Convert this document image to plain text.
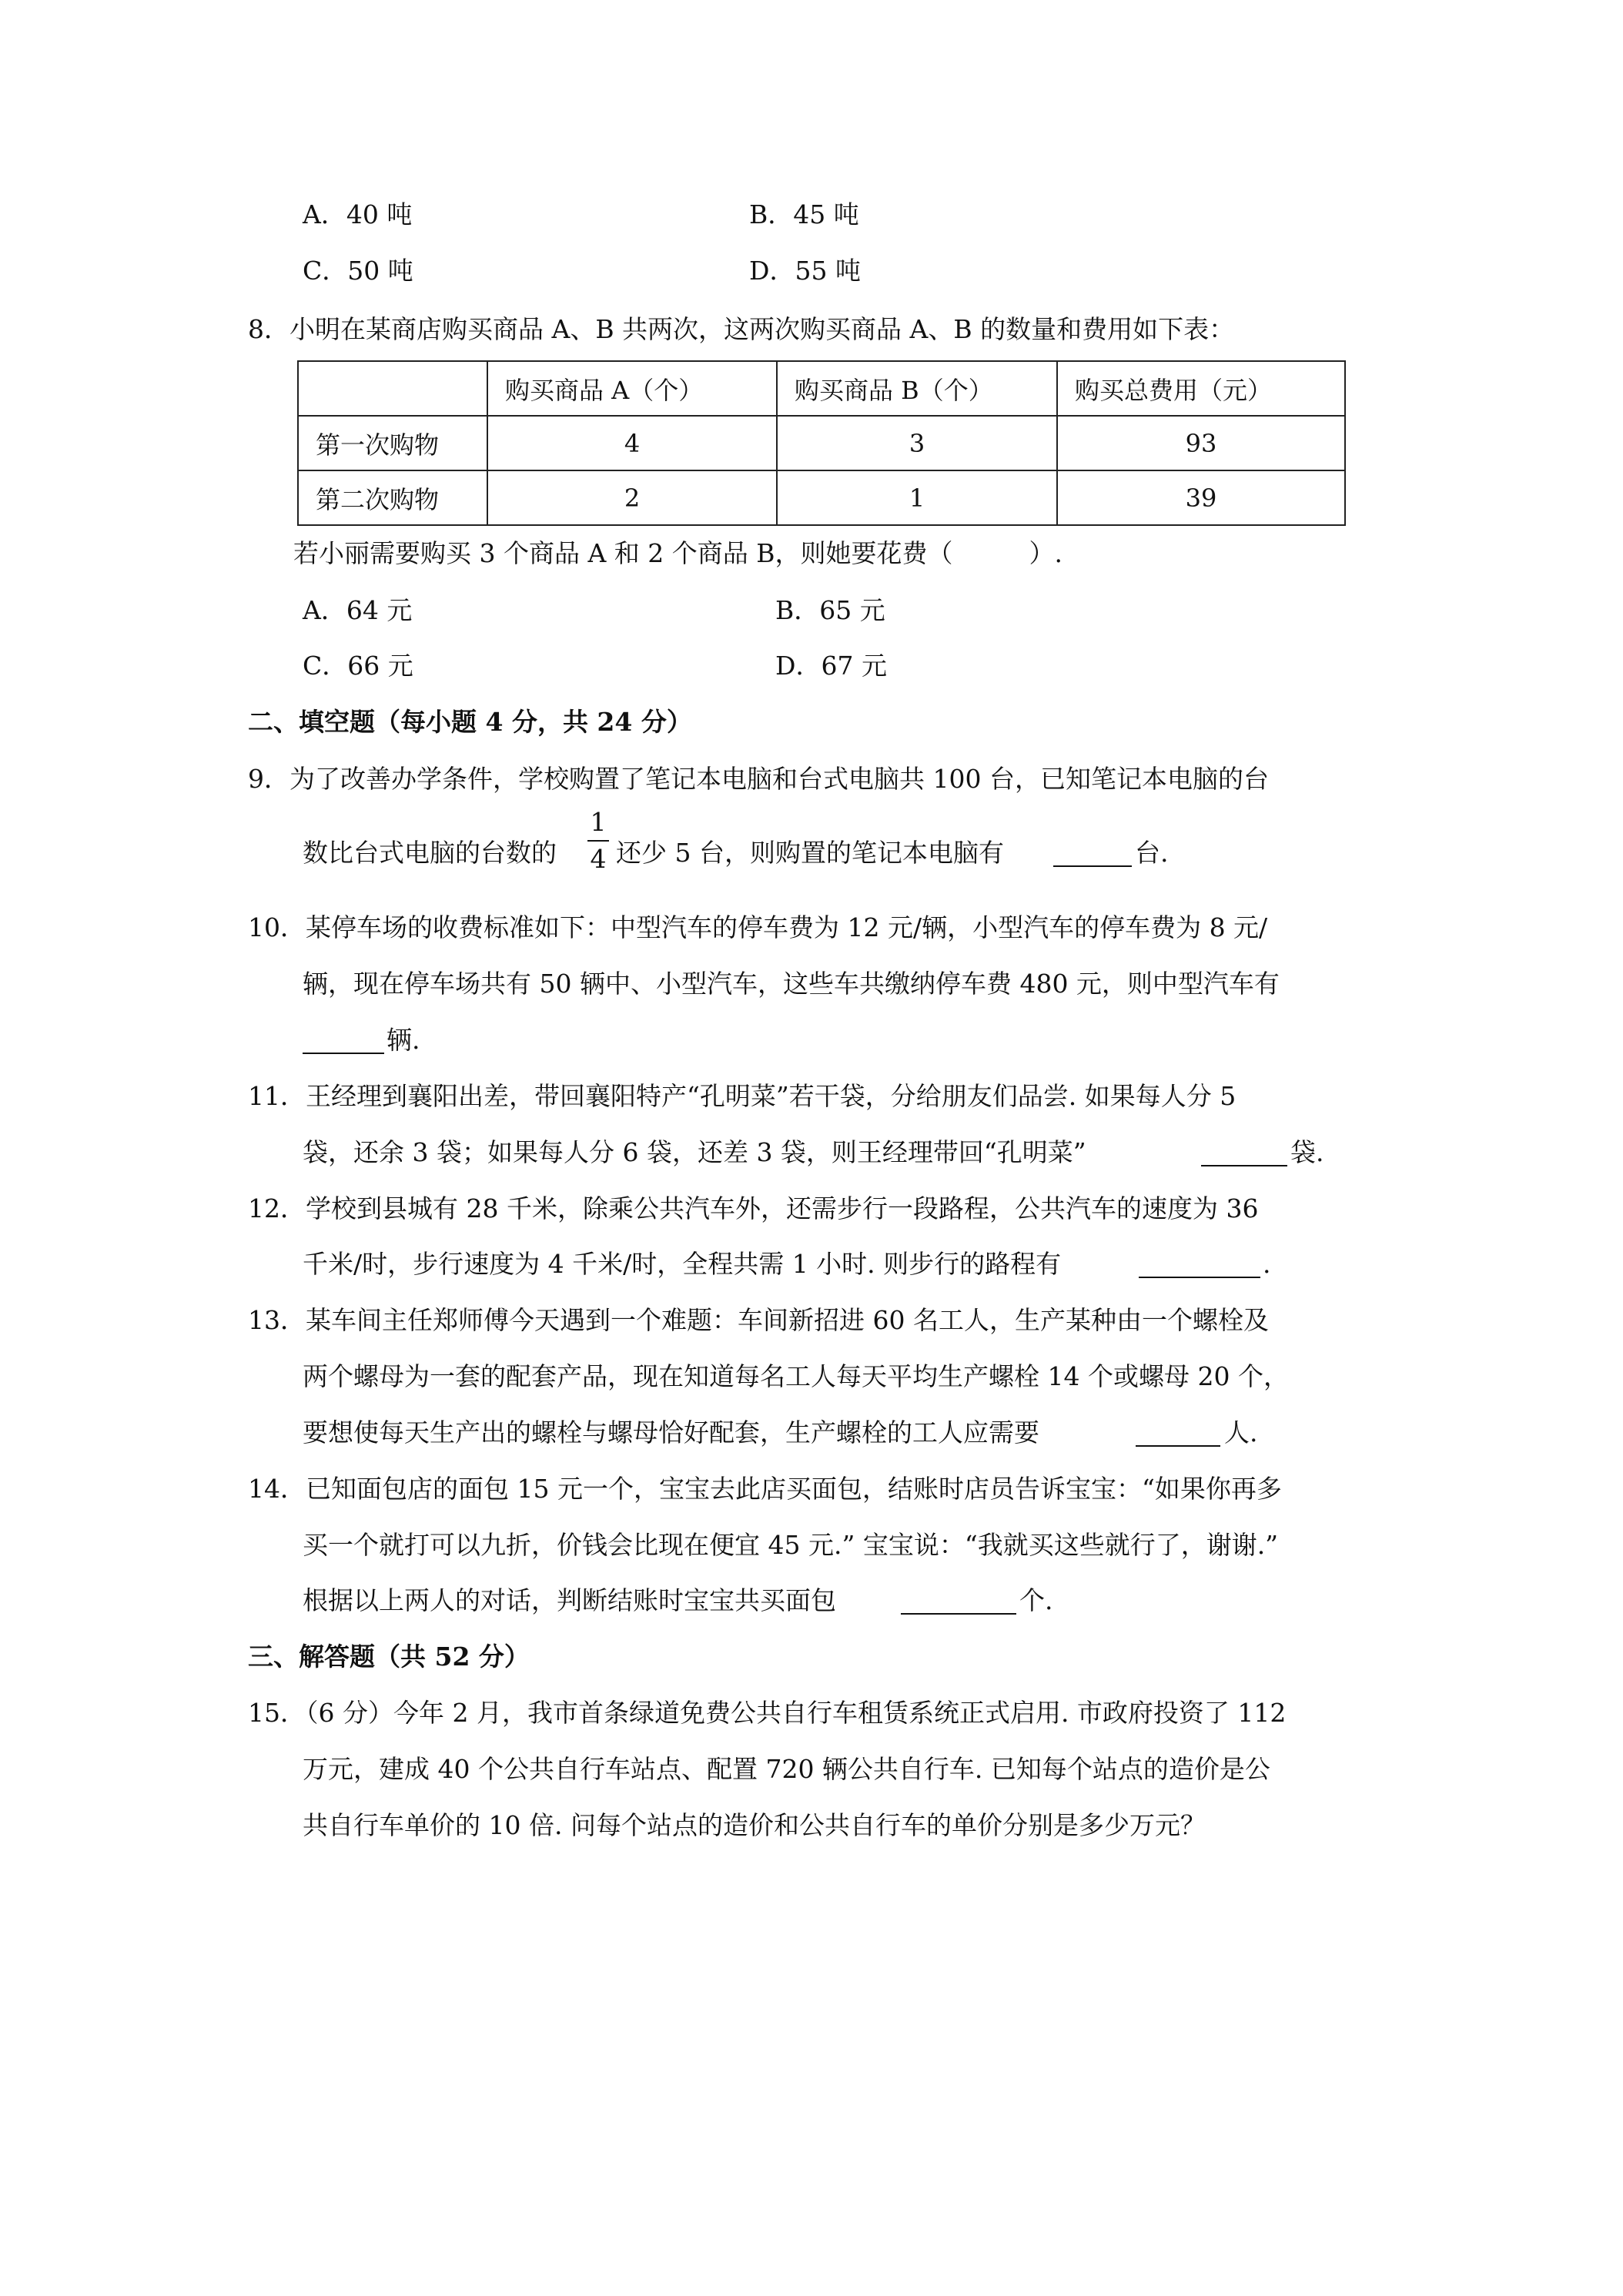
A．40 吨	B．45 吨
C．50 吨	D．55 吨
8．小明在某商店购买商品 A、B 共两次，这两次购买商品 A、B 的数量和费用如下表：
	购买商品 A（个）	购买商品 B（个）	购买总费用（元）
第一次购物	4	3	93
第二次购物	2	1	39
若小丽需要购买 3 个商品 A 和 2 个商品 B，则她要花费（　　　）.
A．64 元	B．65 元
C．66 元	D．67 元
二、填空题（每小题 4 分，共 24 分）
9．为了改善办学条件，学校购置了笔记本电脑和台式电脑共 100 台，已知笔记本电脑的台
数比台式电脑的台数的
1
4 还少 5 台，则购置的笔记本电脑有	台.
10．某停车场的收费标准如下：中型汽车的停车费为 12 元/辆，小型汽车的停车费为 8 元/
辆，现在停车场共有 50 辆中、小型汽车，这些车共缴纳停车费 480 元，则中型汽车有
辆.
11．王经理到襄阳出差，带回襄阳特产“孔明菜”若干袋，分给朋友们品尝. 如果每人分 5
袋，还余 3 袋；如果每人分 6 袋，还差 3 袋，则王经理带回“孔明菜”	袋.
12．学校到县城有 28 千米，除乘公共汽车外，还需步行一段路程，公共汽车的速度为 36
千米/时，步行速度为 4 千米/时，全程共需 1 小时. 则步行的路程有	.
13．某车间主任郑师傅今天遇到一个难题：车间新招进 60 名工人，生产某种由一个螺栓及
两个螺母为一套的配套产品，现在知道每名工人每天平均生产螺栓 14 个或螺母 20 个，
要想使每天生产出的螺栓与螺母恰好配套，生产螺栓的工人应需要	人.
14．已知面包店的面包 15 元一个，宝宝去此店买面包，结账时店员告诉宝宝：“如果你再多
买一个就打可以九折，价钱会比现在便宜 45 元.” 宝宝说：“我就买这些就行了，谢谢.”
根据以上两人的对话，判断结账时宝宝共买面包	个.
三、解答题（共 52 分）
15．（6 分）今年 2 月，我市首条绿道免费公共自行车租赁系统正式启用. 市政府投资了 112
万元，建成 40 个公共自行车站点、配置 720 辆公共自行车. 已知每个站点的造价是公
共自行车单价的 10 倍. 问每个站点的造价和公共自行车的单价分别是多少万元？
